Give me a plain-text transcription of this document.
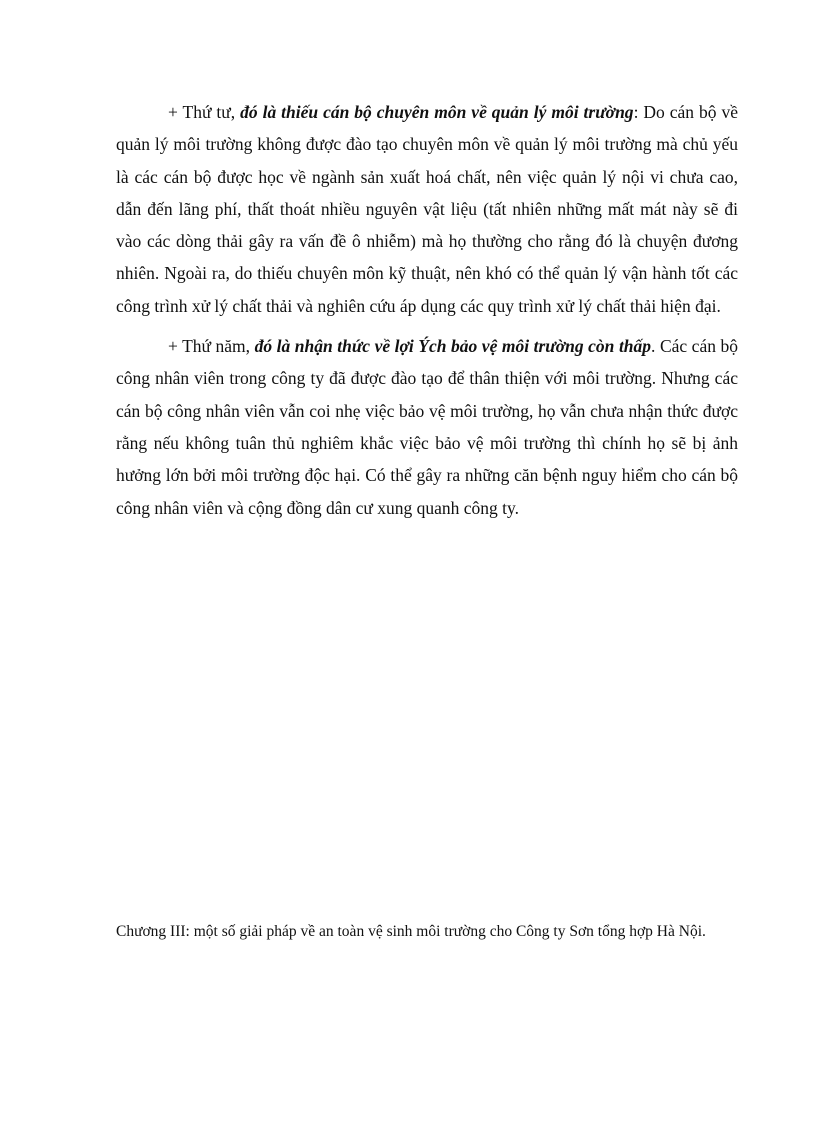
+ Thứ tư, đó là thiếu cán bộ chuyên môn về quản lý môi trường: Do cán bộ về quản lý môi trường không được đào tạo chuyên môn về quản lý môi trường mà chủ yếu là các cán bộ được học về ngành sản xuất hoá chất, nên việc quản lý nội vi chưa cao, dẫn đến lãng phí, thất thoát nhiều nguyên vật liệu (tất nhiên những mất mát này sẽ đi vào các dòng thải gây ra vấn đề ô nhiễm) mà họ thường cho rằng đó là chuyện đương nhiên. Ngoài ra, do thiếu chuyên môn kỹ thuật, nên khó có thể quản lý vận hành tốt các công trình xử lý chất thải và nghiên cứu áp dụng các quy trình xử lý chất thải hiện đại.

+ Thứ năm, đó là nhận thức về lợi Ých bảo vệ môi trường còn thấp. Các cán bộ công nhân viên trong công ty đã được đào tạo để thân thiện với môi trường. Nhưng các cán bộ công nhân viên vẫn coi nhẹ việc bảo vệ môi trường, họ vẫn chưa nhận thức được rằng nếu không tuân thủ nghiêm khắc việc bảo vệ môi trường thì chính họ sẽ bị ảnh hưởng lớn bởi môi trường độc hại. Có thể gây ra những căn bệnh nguy hiểm cho cán bộ công nhân viên và cộng đồng dân cư xung quanh công ty.

Chương III: một số giải pháp về an toàn vệ sinh môi trường cho Công ty Sơn tổng hợp Hà Nội.
